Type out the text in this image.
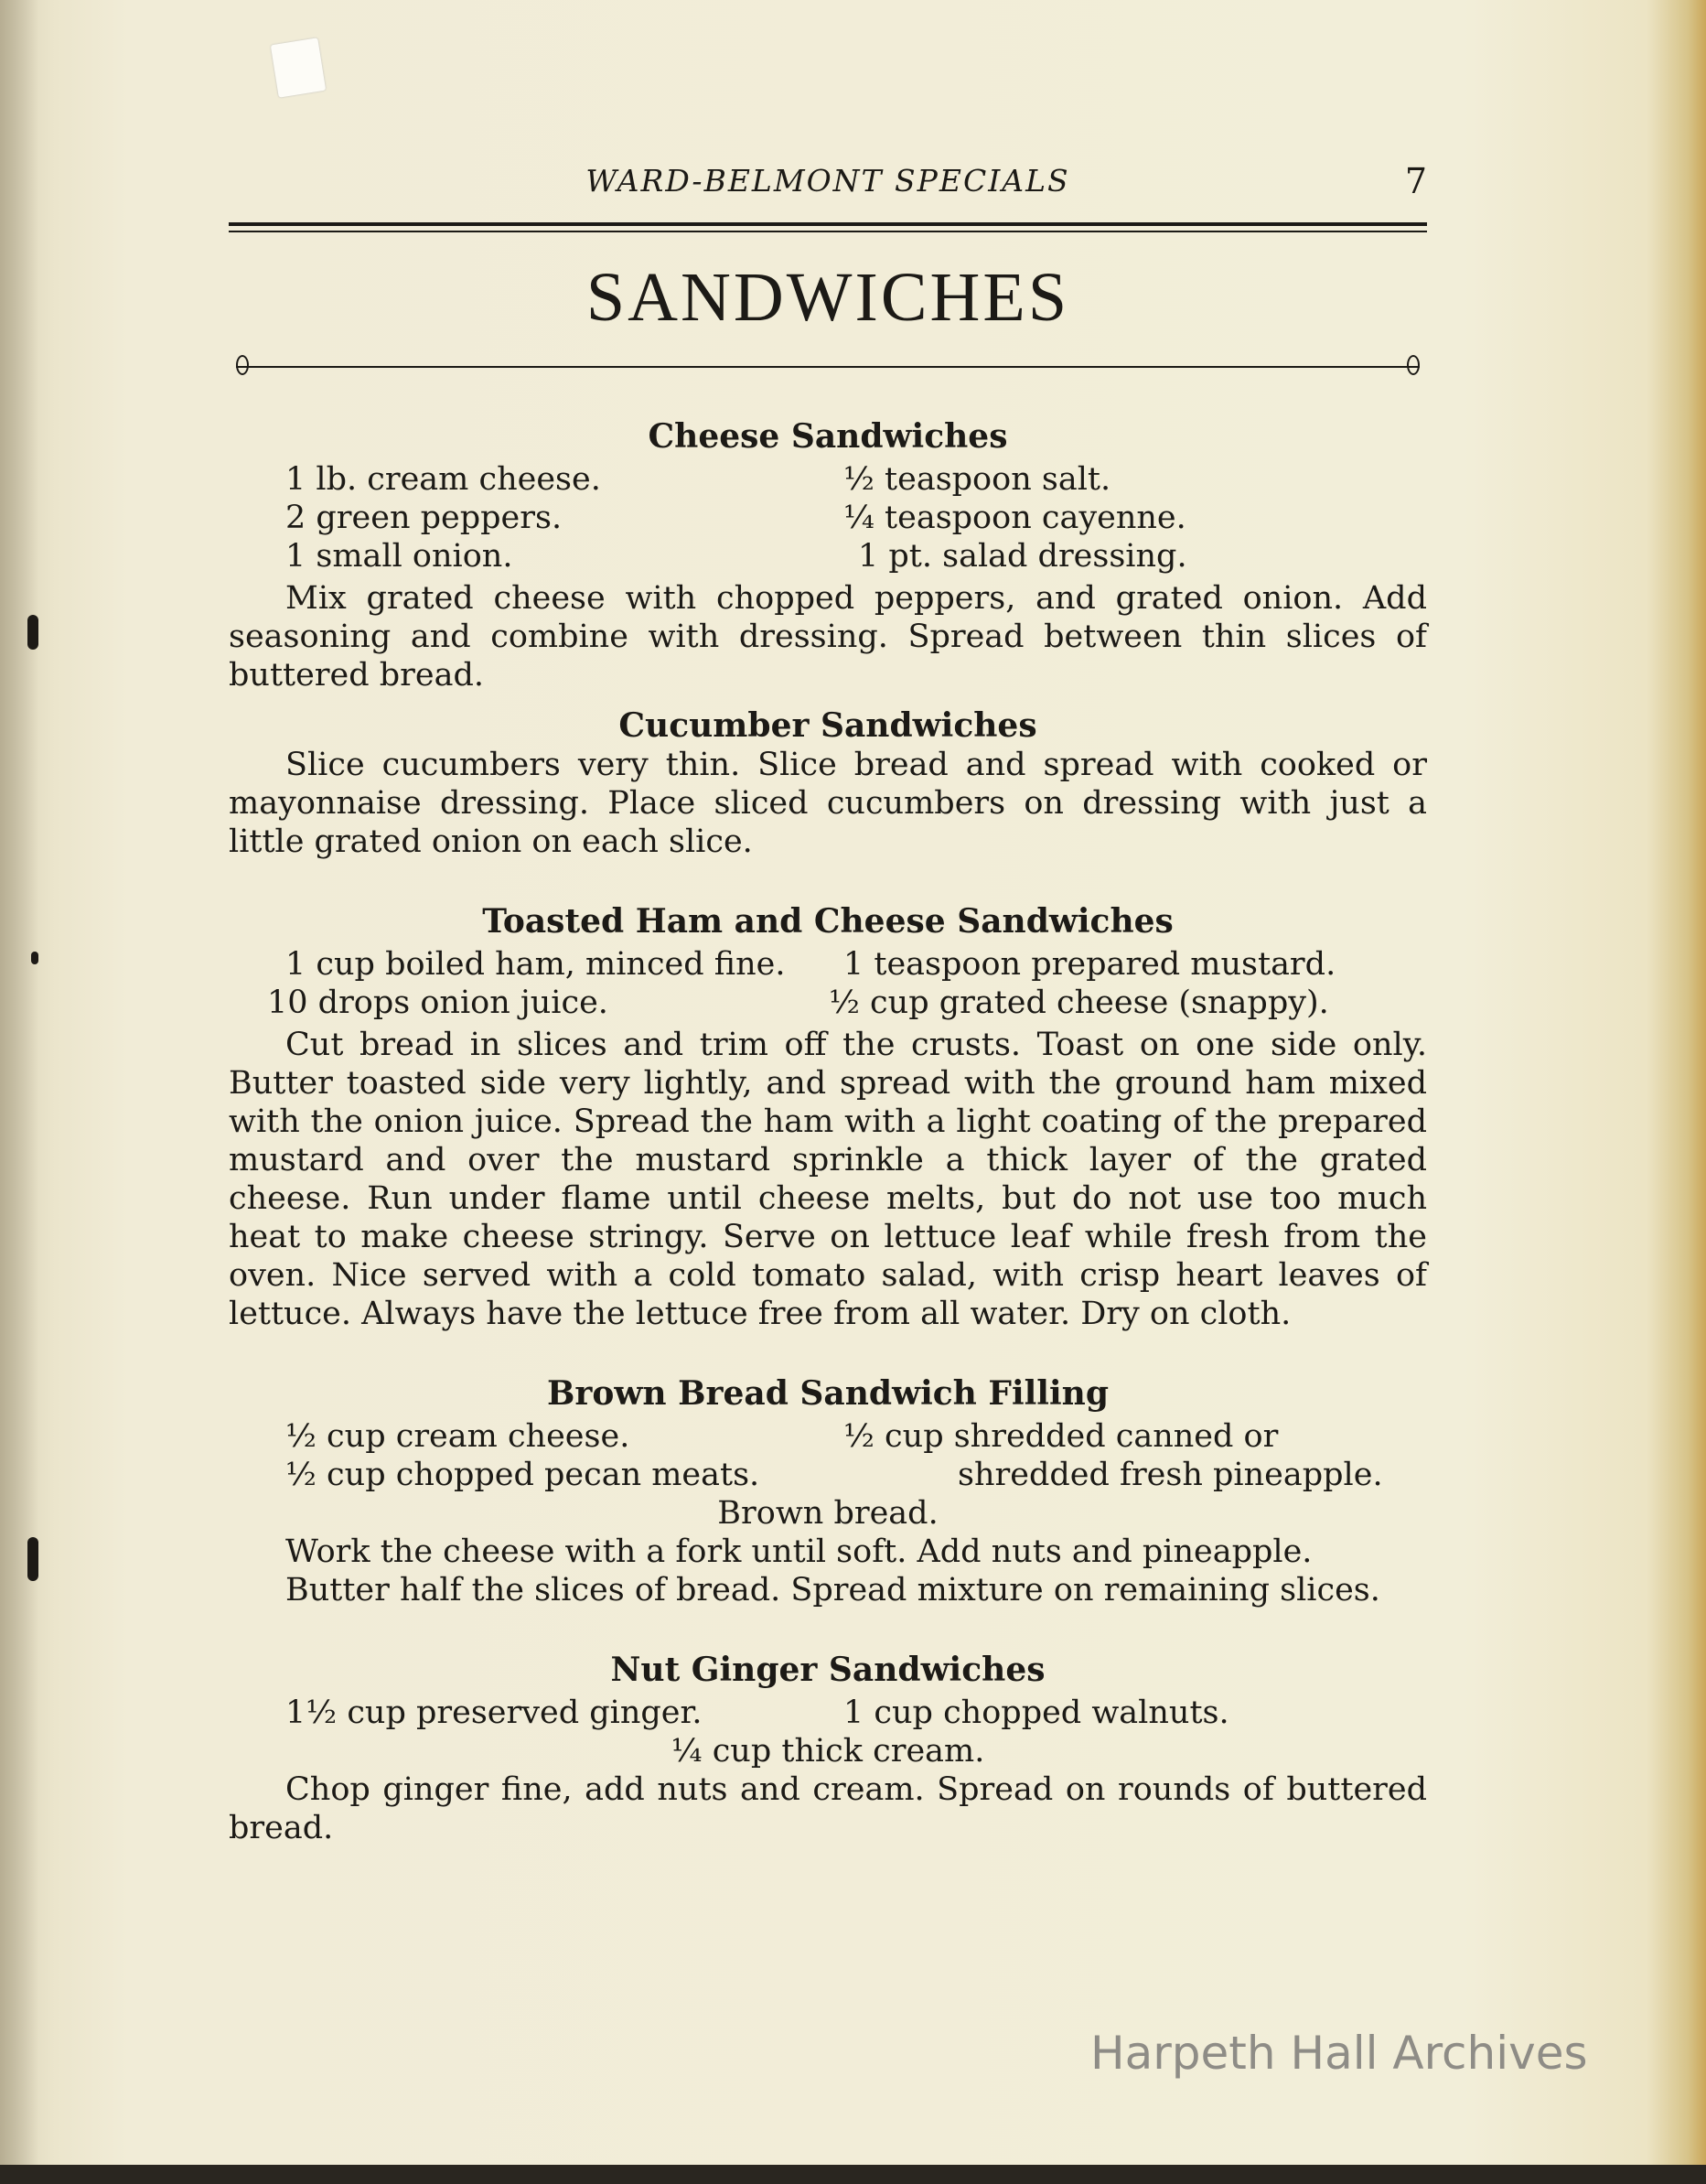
WARD-BELMONT SPECIALS	7
SANDWICHES
Cheese Sandwiches
1 lb. cream cheese.
2 green peppers.
1 small onion.
½ teaspoon salt.
¼ teaspoon cayenne.
1 pt. salad dressing.

Mix grated cheese with chopped peppers, and grated onion. Add seasoning and combine with dressing. Spread between thin slices of buttered bread.

Cucumber Sandwiches

Slice cucumbers very thin. Slice bread and spread with cooked or mayonnaise dressing. Place sliced cucumbers on dressing with just a little grated onion on each slice.

Toasted Ham and Cheese Sandwiches
1 cup boiled ham, minced fine.
10 drops onion juice.
1 teaspoon prepared mustard.
½ cup grated cheese (snappy).

Cut bread in slices and trim off the crusts. Toast on one side only. Butter toasted side very lightly, and spread with the ground ham mixed with the onion juice. Spread the ham with a light coating of the prepared mustard and over the mustard sprinkle a thick layer of the grated cheese. Run under flame until cheese melts, but do not use too much heat to make cheese stringy. Serve on lettuce leaf while fresh from the oven. Nice served with a cold tomato salad, with crisp heart leaves of lettuce. Always have the lettuce free from all water. Dry on cloth.

Brown Bread Sandwich Filling
½ cup cream cheese.
½ cup chopped pecan meats.
½ cup shredded canned or
shredded fresh pineapple.
Brown bread.

Work the cheese with a fork until soft. Add nuts and pineapple.

Butter half the slices of bread. Spread mixture on remaining slices.

Nut Ginger Sandwiches
1½ cup preserved ginger.	1 cup chopped walnuts.
¼ cup thick cream.

Chop ginger fine, add nuts and cream. Spread on rounds of buttered bread.

Harpeth Hall Archives
